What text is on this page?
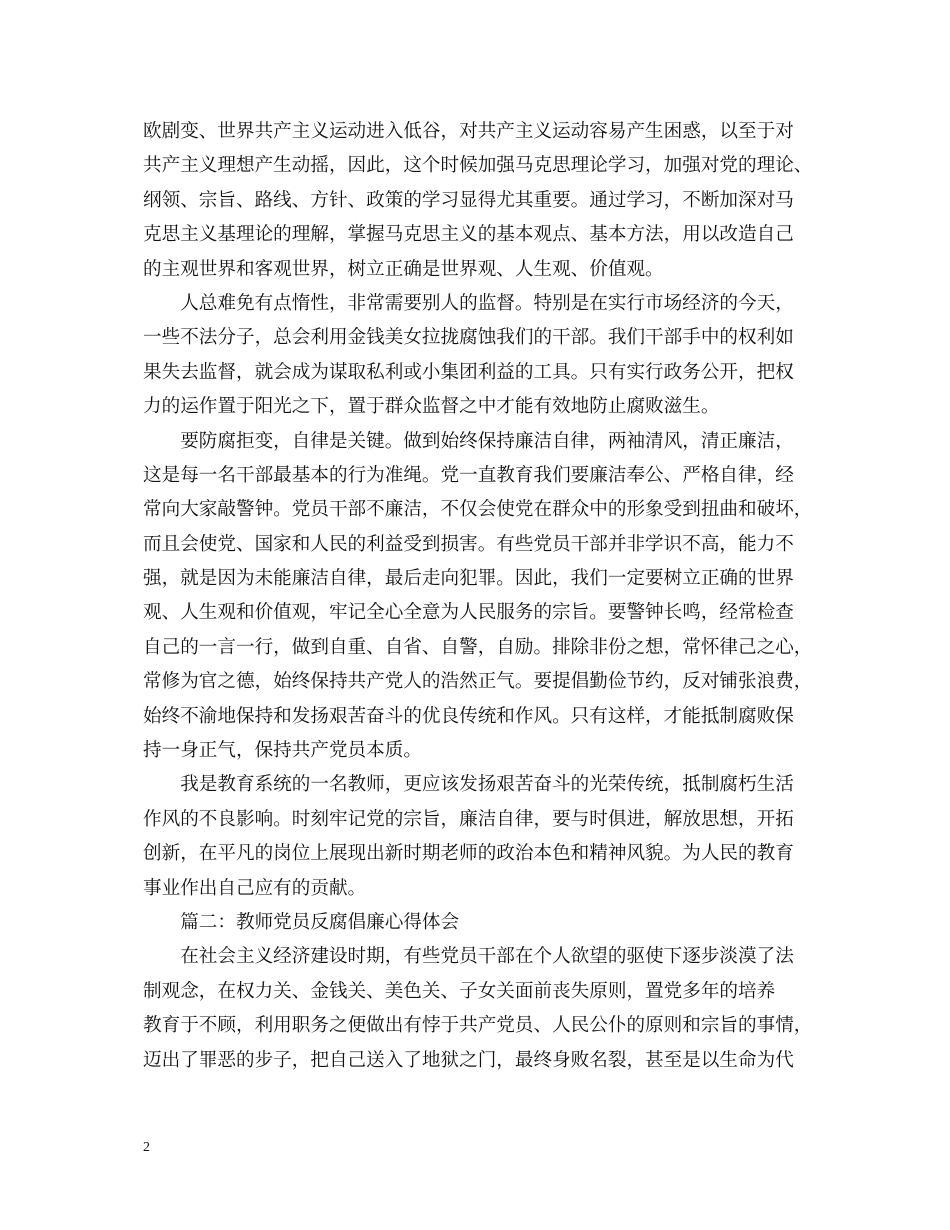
欧剧变、世界共产主义运动进入低谷，对共产主义运动容易产生困惑，以至于对
共产主义理想产生动摇，因此，这个时候加强马克思理论学习，加强对党的理论、
纲领、宗旨、路线、方针、政策的学习显得尤其重要。通过学习，不断加深对马
克思主义基理论的理解，掌握马克思主义的基本观点、基本方法，用以改造自己
的主观世界和客观世界，树立正确是世界观、人生观、价值观。
　　人总难免有点惰性，非常需要别人的监督。特别是在实行市场经济的今天，
一些不法分子，总会利用金钱美女拉拢腐蚀我们的干部。我们干部手中的权利如
果失去监督，就会成为谋取私利或小集团利益的工具。只有实行政务公开，把权
力的运作置于阳光之下，置于群众监督之中才能有效地防止腐败滋生。
　　要防腐拒变，自律是关键。做到始终保持廉洁自律，两袖清风，清正廉洁，
这是每一名干部最基本的行为准绳。党一直教育我们要廉洁奉公、严格自律，经
常向大家敲警钟。党员干部不廉洁，不仅会使党在群众中的形象受到扭曲和破坏，
而且会使党、国家和人民的利益受到损害。有些党员干部并非学识不高，能力不
强，就是因为未能廉洁自律，最后走向犯罪。因此，我们一定要树立正确的世界
观、人生观和价值观，牢记全心全意为人民服务的宗旨。要警钟长鸣，经常检查
自己的一言一行，做到自重、自省、自警，自励。排除非份之想，常怀律己之心，
常修为官之德，始终保持共产党人的浩然正气。要提倡勤俭节约，反对铺张浪费，
始终不渝地保持和发扬艰苦奋斗的优良传统和作风。只有这样，才能抵制腐败保
持一身正气，保持共产党员本质。
　　我是教育系统的一名教师，更应该发扬艰苦奋斗的光荣传统，抵制腐朽生活
作风的不良影响。时刻牢记党的宗旨，廉洁自律，要与时俱进，解放思想，开拓
创新，在平凡的岗位上展现出新时期老师的政治本色和精神风貌。为人民的教育
事业作出自己应有的贡献。
　　篇二：教师党员反腐倡廉心得体会
　　在社会主义经济建设时期，有些党员干部在个人欲望的驱使下逐步淡漠了法
制观念，在权力关、金钱关、美色关、子女关面前丧失原则，置党多年的培养
教育于不顾，利用职务之便做出有悖于共产党员、人民公仆的原则和宗旨的事情，
迈出了罪恶的步子，把自己送入了地狱之门，最终身败名裂，甚至是以生命为代
2
